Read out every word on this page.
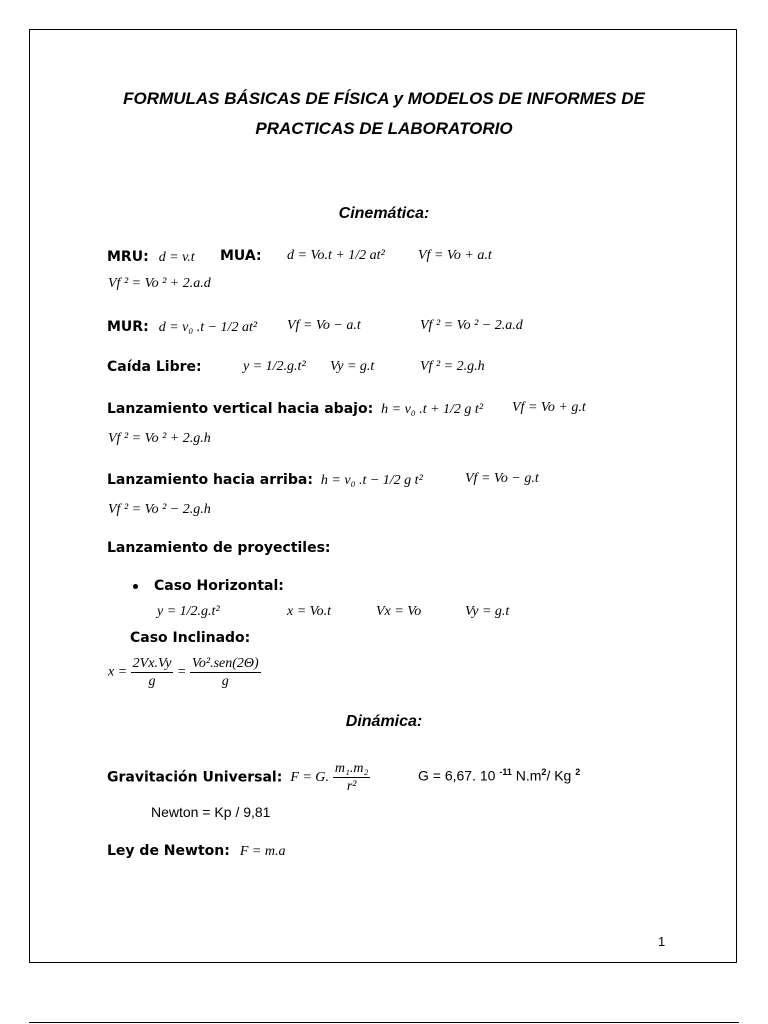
FORMULAS BÁSICAS DE FÍSICA y MODELOS DE INFORMES DE
PRACTICAS DE LABORATORIO
Cinemática:
MRU: d = v.t MUA: d = Vo.t + 1/2 at² Vf = Vo + a.t
Vf ² = Vo ² + 2.a.d
MUR: d = v₀ .t − 1/2 at² Vf = Vo − a.t	Vf ² = Vo ² − 2.a.d
Caída Libre:	y = 1/2.g.t² Vy = g.t	Vf ² = 2.g.h
Lanzamiento vertical hacia abajo: h = v₀ .t + 1/2 g t² Vf = Vo + g.t
Vf ² = Vo ² + 2.g.h
Lanzamiento hacia arriba: h = v₀ .t − 1/2 g t²	Vf = Vo − g.t
Vf ² = Vo ² − 2.g.h
Lanzamiento de proyectiles:
Caso Horizontal:
y = 1/2.g.t²	x = Vo.t	Vx = Vo	Vy = g.t
Caso Inclinado:
$x = \frac{2Vx.Vy}{g} = \frac{\text{Vo².sen(2Θ)}}{g}$
Dinámica:
Gravitación Universal: F = G. $\frac{\text{m₁.m₂}}{\text{r²}}$	G = 6,67. 10 $^{-11}$ $N.m^2/$ Kg $^2$
Newton = Kp / 9,81
Ley de Newton: F = m.a
1
